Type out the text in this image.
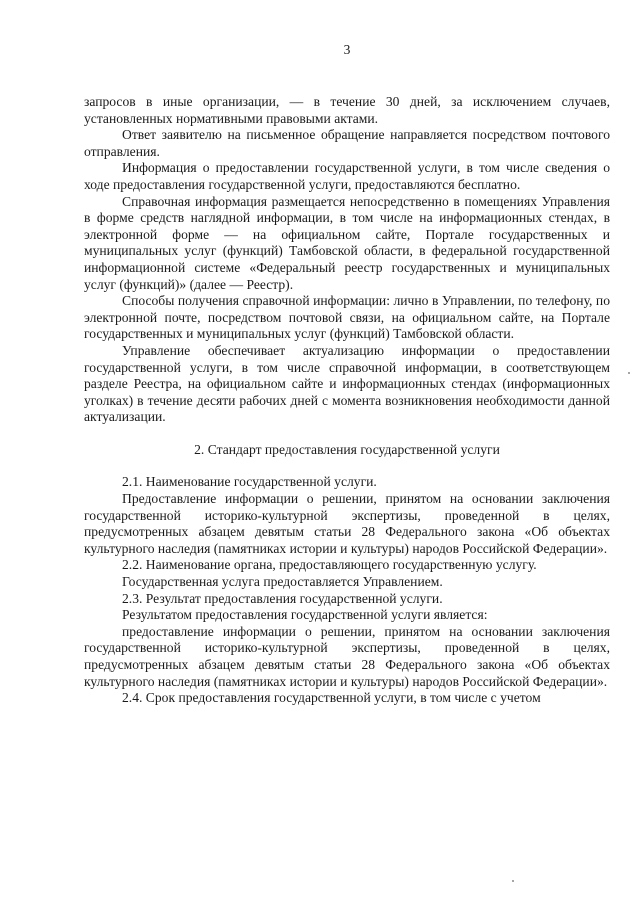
3

запросов в иные организации, — в течение 30 дней, за исключением случаев, установленных нормативными правовыми актами.

Ответ заявителю на письменное обращение направляется посредством почтового отправления.

Информация о предоставлении государственной услуги, в том числе сведения о ходе предоставления государственной услуги, предоставляются бесплатно.

Справочная информация размещается непосредственно в помещениях Управления в форме средств наглядной информации, в том числе на информационных стендах, в электронной форме — на официальном сайте, Портале государственных и муниципальных услуг (функций) Тамбовской области, в федеральной государственной информационной системе «Федеральный реестр государственных и муниципальных услуг (функций)» (далее — Реестр).

Способы получения справочной информации: лично в Управлении, по телефону, по электронной почте, посредством почтовой связи, на официальном сайте, на Портале государственных и муниципальных услуг (функций) Тамбовской области.

Управление обеспечивает актуализацию информации о предоставлении государственной услуги, в том числе справочной информации, в соответствующем разделе Реестра, на официальном сайте и информационных стендах (информационных уголках) в течение десяти рабочих дней с момента возникновения необходимости данной актуализации.

2. Стандарт предоставления государственной услуги

2.1. Наименование государственной услуги.

Предоставление информации о решении, принятом на основании заключения государственной историко-культурной экспертизы, проведенной в целях, предусмотренных абзацем девятым статьи 28 Федерального закона «Об объектах культурного наследия (памятниках истории и культуры) народов Российской Федерации».

2.2. Наименование органа, предоставляющего государственную услугу.

Государственная услуга предоставляется Управлением.

2.3. Результат предоставления государственной услуги.

Результатом предоставления государственной услуги является:

предоставление информации о решении, принятом на основании заключения государственной историко-культурной экспертизы, проведенной в целях, предусмотренных абзацем девятым статьи 28 Федерального закона «Об объектах культурного наследия (памятниках истории и культуры) народов Российской Федерации».

2.4. Срок предоставления государственной услуги, в том числе с учетом
